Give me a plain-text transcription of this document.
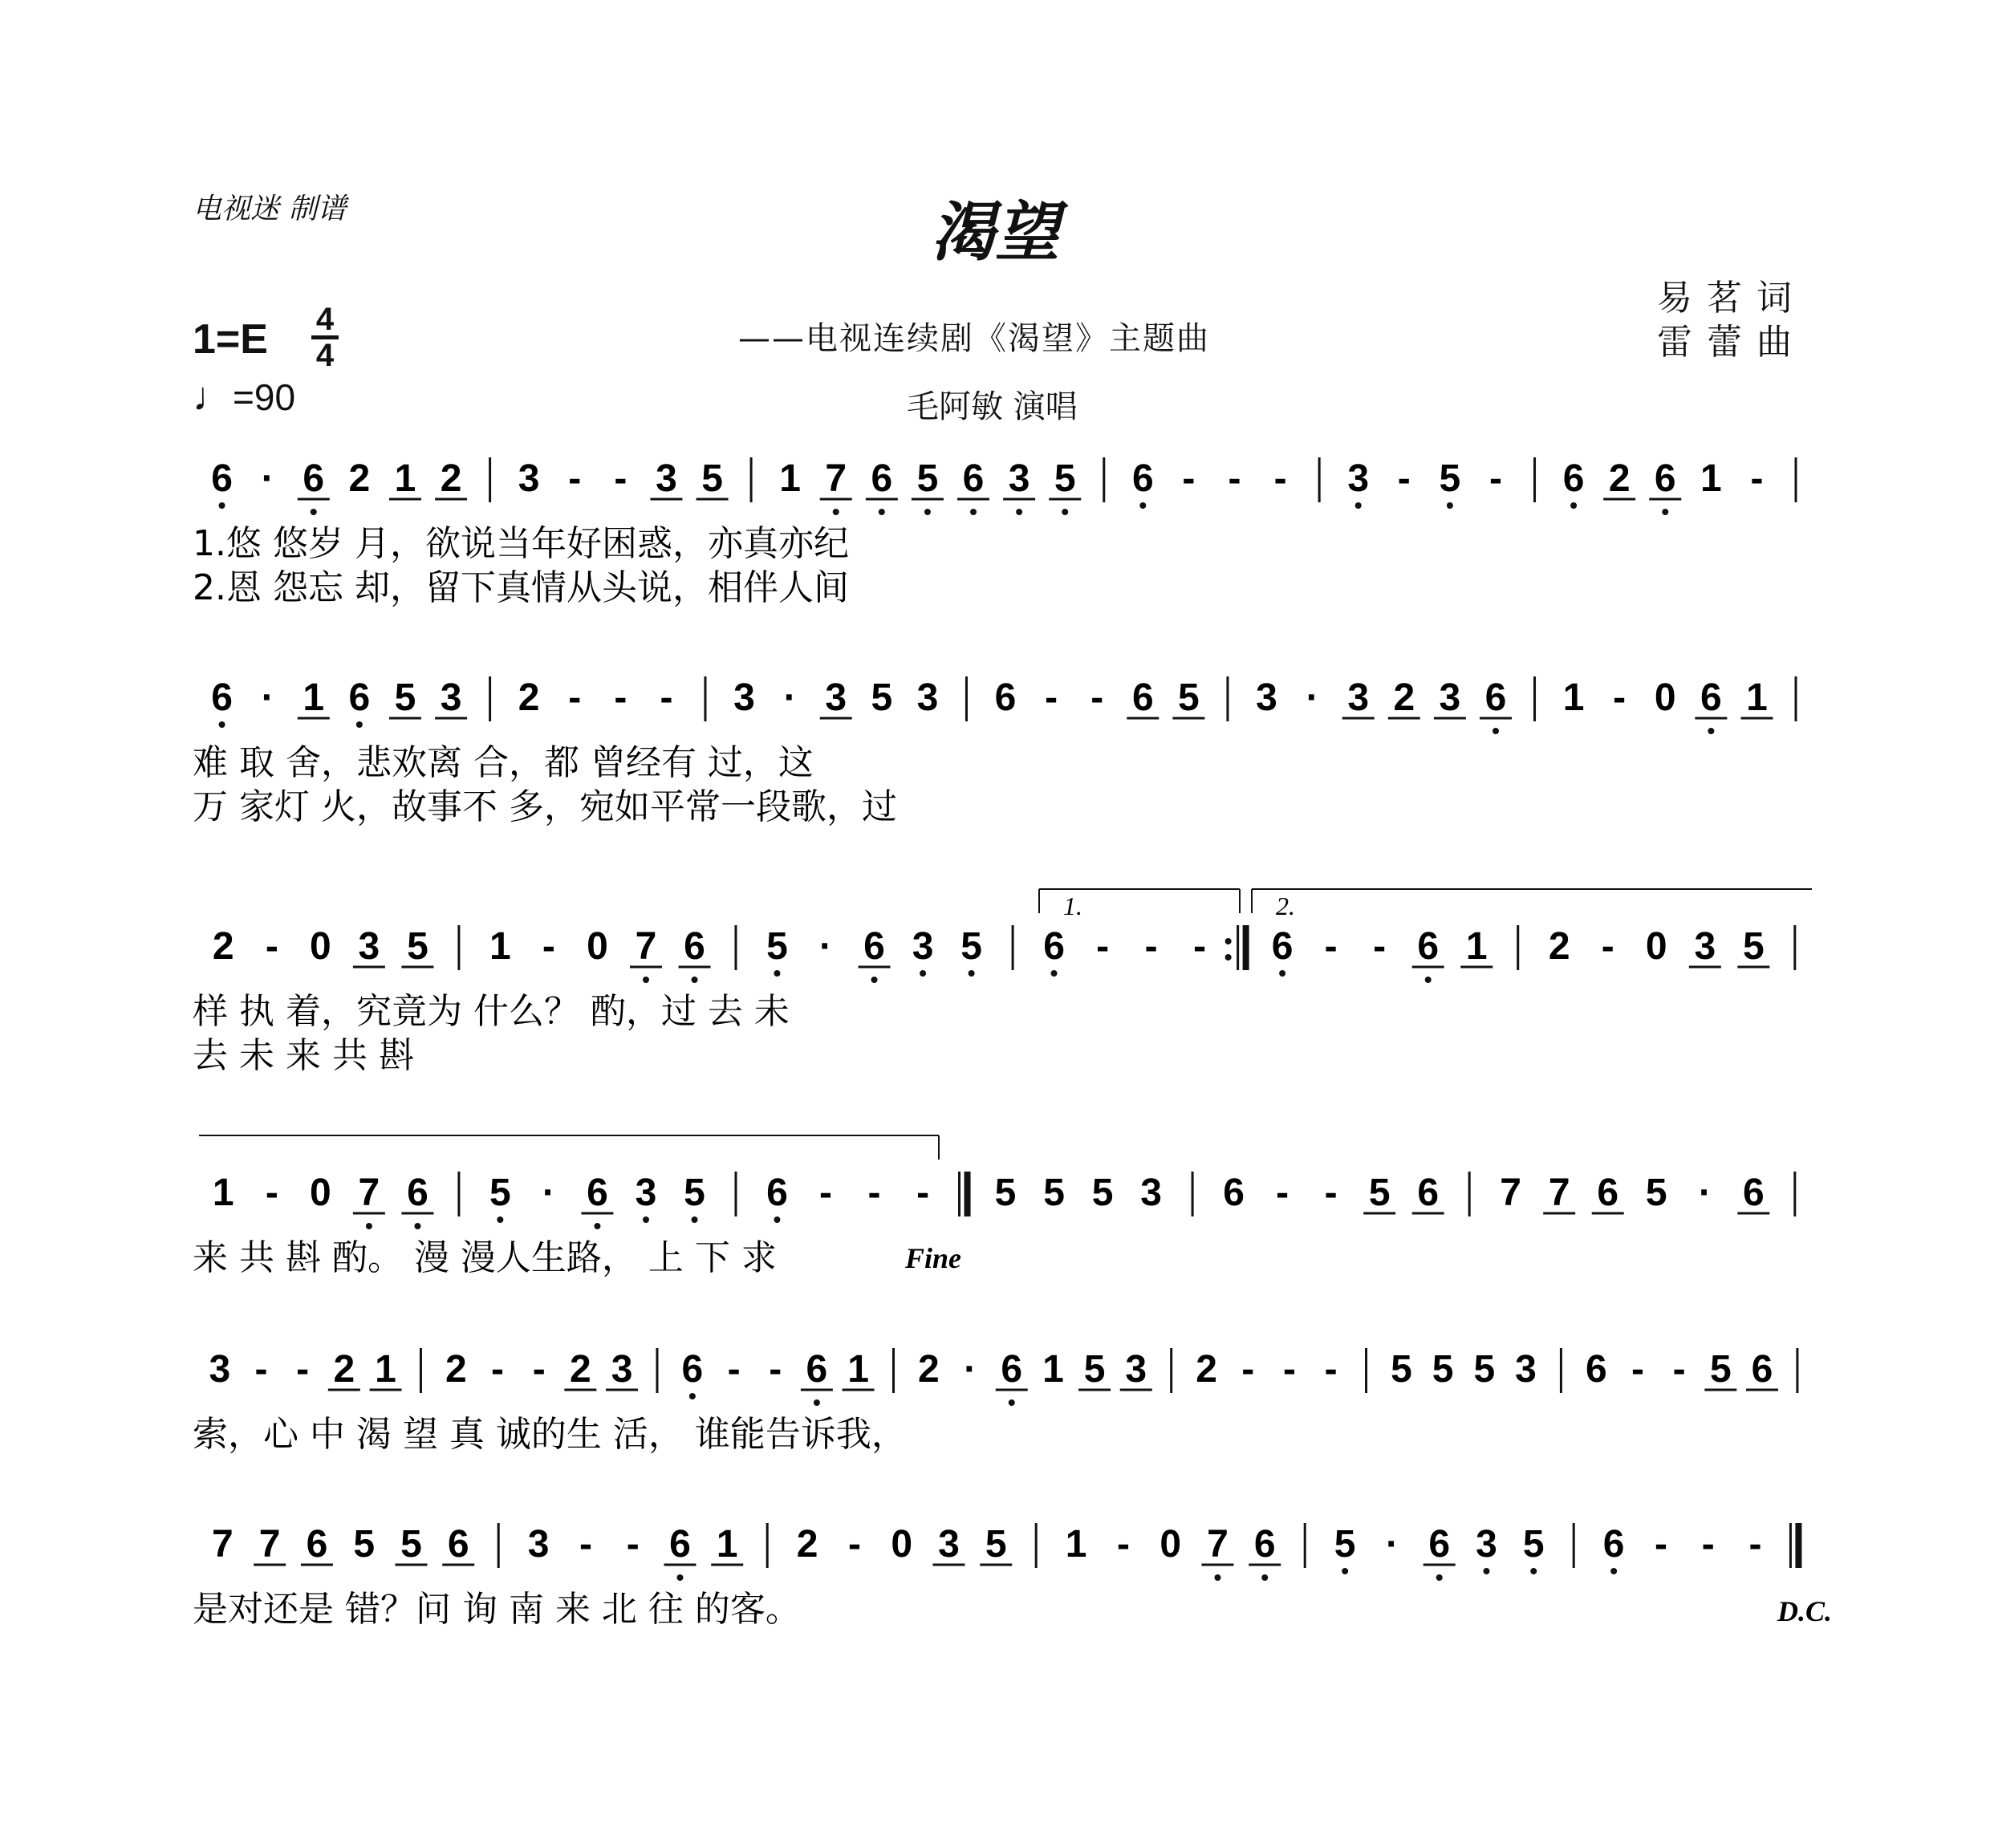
电视迷 制谱	渴望
——电视连续剧《渴望》主题曲
易茗词
雷蕾曲
1=E 4
4
♩=90	毛阿敏 演唱
6 · 6 2 1 2 3 - - 3 5 1 7 6 5 6 3 5 6 - - - 3 - 5 - 6 2 6 1 -
1.悠 悠岁 月，欲说当年好困惑，亦真亦纪
2.恩 怨忘 却，留下真情从头说，相伴人间
6 · 1 6 5 3 2 - - - 3 · 3 5 3 6 - - 6 5 3 · 3 2 3 6 1 - 0 6 1
难 取 舍，悲欢离 合，都 曾经有 过，这
万 家灯 火，故事不 多，宛如平常一段歌，过
2 - 0 3 5 1 - 0 7 6 5 · 6 3 5 6 - - - 6 - - 6 1 2 - 0 3 5
样 执 着，究竟为 什么？ 酌，过 去 未
去 未 来 共 斟
1 - 0 7 6 5 · 6 3 5 6 - - - 5 5 5 3 6 - - 5 6 7 7 6 5 · 6
来 共 斟 酌。 漫 漫人生路， 上 下 求
3 - - 2 1 2 - - 2 3 6 - - 6 1 2 · 6 1 5 3 2 - - - 5 5 5 3 6 - - 5 6
索，心 中 渴 望 真 诚的生 活， 谁能告诉我，
7 7 6 5 5 6 3 - - 6 1 2 - 0 3 5 1 - 0 7 6 5 · 6 3 5 6 - - -
是对还是 错？问 询 南 来 北 往 的客。
1.	2.
Fine
D.C.
